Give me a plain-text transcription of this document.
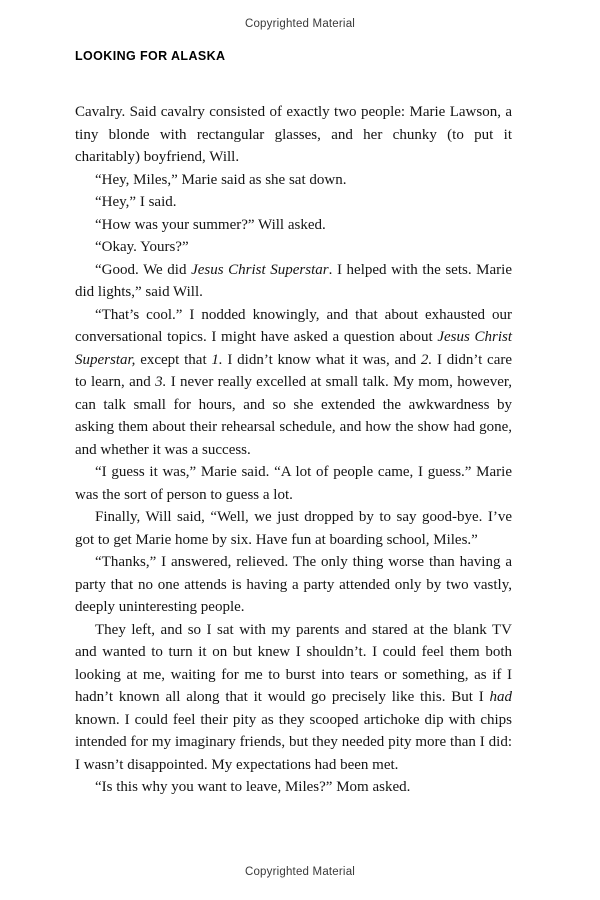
Copyrighted Material
LOOKING FOR ALASKA

Cavalry. Said cavalry consisted of exactly two people: Marie Lawson, a tiny blonde with rectangular glasses, and her chunky (to put it charitably) boyfriend, Will.

“Hey, Miles,” Marie said as she sat down.

“Hey,” I said.

“How was your summer?” Will asked.

“Okay. Yours?”

“Good. We did Jesus Christ Superstar. I helped with the sets. Marie did lights,” said Will.

“That’s cool.” I nodded knowingly, and that about exhausted our conversational topics. I might have asked a question about Jesus Christ Superstar, except that 1. I didn’t know what it was, and 2. I didn’t care to learn, and 3. I never really excelled at small talk. My mom, however, can talk small for hours, and so she extended the awkwardness by asking them about their rehearsal schedule, and how the show had gone, and whether it was a success.

“I guess it was,” Marie said. “A lot of people came, I guess.” Marie was the sort of person to guess a lot.

Finally, Will said, “Well, we just dropped by to say good-bye. I’ve got to get Marie home by six. Have fun at boarding school, Miles.”

“Thanks,” I answered, relieved. The only thing worse than having a party that no one attends is having a party attended only by two vastly, deeply uninteresting people.

They left, and so I sat with my parents and stared at the blank TV and wanted to turn it on but knew I shouldn’t. I could feel them both looking at me, waiting for me to burst into tears or something, as if I hadn’t known all along that it would go precisely like this. But I had known. I could feel their pity as they scooped artichoke dip with chips intended for my imaginary friends, but they needed pity more than I did: I wasn’t disappointed. My expectations had been met.

“Is this why you want to leave, Miles?” Mom asked.

Copyrighted Material
